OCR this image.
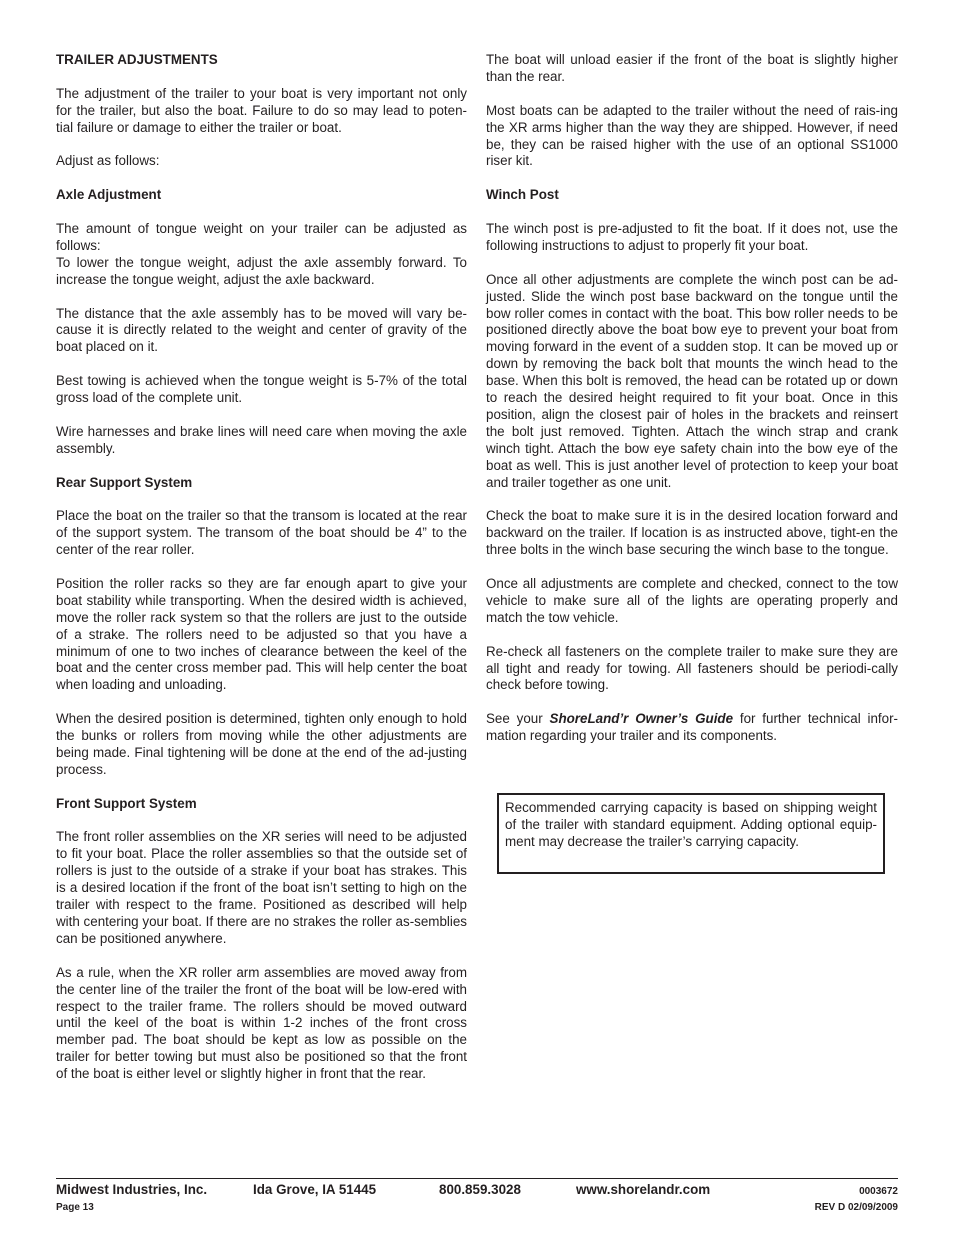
TRAILER ADJUSTMENTS

The adjustment of the trailer to your boat is very important not only for the trailer, but also the boat. Failure to do so may lead to poten-tial failure or damage to either the trailer or boat.

Adjust as follows:

Axle Adjustment

The amount of tongue weight on your trailer can be adjusted as follows:
To lower the tongue weight, adjust the axle assembly forward. To increase the tongue weight, adjust the axle backward.

The distance that the axle assembly has to be moved will vary be-cause it is directly related to the weight and center of gravity of the boat placed on it.

Best towing is achieved when the tongue weight is 5-7% of the total gross load of the complete unit.

Wire harnesses and brake lines will need care when moving the axle assembly.

Rear Support System

Place the boat on the trailer so that the transom is located at the rear of the support system. The transom of the boat should be 4” to the center of the rear roller.

Position the roller racks so they are far enough apart to give your boat stability while transporting. When the desired width is achieved, move the roller rack system so that the rollers are just to the outside of a strake. The rollers need to be adjusted so that you have a minimum of one to two inches of clearance between the keel of the boat and the center cross member pad. This will help center the boat when loading and unloading.

When the desired position is determined, tighten only enough to hold the bunks or rollers from moving while the other adjustments are being made. Final tightening will be done at the end of the ad-justing process.

Front Support System

The front roller assemblies on the XR series will need to be adjusted to fit your boat. Place the roller assemblies so that the outside set of rollers is just to the outside of a strake if your boat has strakes. This is a desired location if the front of the boat isn’t setting to high on the trailer with respect to the frame. Positioned as described will help with centering your boat. If there are no strakes the roller as-semblies can be positioned anywhere.

As a rule, when the XR roller arm assemblies are moved away from the center line of the trailer the front of the boat will be low-ered with respect to the trailer frame. The rollers should be moved outward until the keel of the boat is within 1-2 inches of the front cross member pad. The boat should be kept as low as possible on the trailer for better towing but must also be positioned so that the front of the boat is either level or slightly higher in front that the rear.

The boat will unload easier if the front of the boat is slightly higher than the rear.

Most boats can be adapted to the trailer without the need of rais-ing the XR arms higher than the way they are shipped. However, if need be, they can be raised higher with the use of an optional SS1000 riser kit.

Winch Post

The winch post is pre-adjusted to fit the boat. If it does not, use the following instructions to adjust to properly fit your boat.

Once all other adjustments are complete the winch post can be ad-justed. Slide the winch post base backward on the tongue until the bow roller comes in contact with the boat. This bow roller needs to be positioned directly above the boat bow eye to prevent your boat from moving forward in the event of a sudden stop. It can be moved up or down by removing the back bolt that mounts the winch head to the base. When this bolt is removed, the head can be rotated up or down to reach the desired height required to fit your boat. Once in this position, align the closest pair of holes in the brackets and reinsert the bolt just removed. Tighten. Attach the winch strap and crank winch tight. Attach the bow eye safety chain into the bow eye of the boat as well. This is just another level of protection to keep your boat and trailer together as one unit.

Check the boat to make sure it is in the desired location forward and backward on the trailer. If location is as instructed above, tight-en the three bolts in the winch base securing the winch base to the tongue.

Once all adjustments are complete and checked, connect to the tow vehicle to make sure all of the lights are operating properly and match the tow vehicle.

Re-check all fasteners on the complete trailer to make sure they are all tight and ready for towing. All fasteners should be periodi-cally check before towing.

See your ShoreLand’r Owner’s Guide for further technical infor-mation regarding your trailer and its components.

Recommended carrying capacity is based on shipping weight of the trailer with standard equipment. Adding optional equip-ment may decrease the trailer’s carrying capacity.
Midwest Industries, Inc.	Ida Grove, IA 51445	800.859.3028	www.shorelandr.com	0003672
Page 13	REV D 02/09/2009
